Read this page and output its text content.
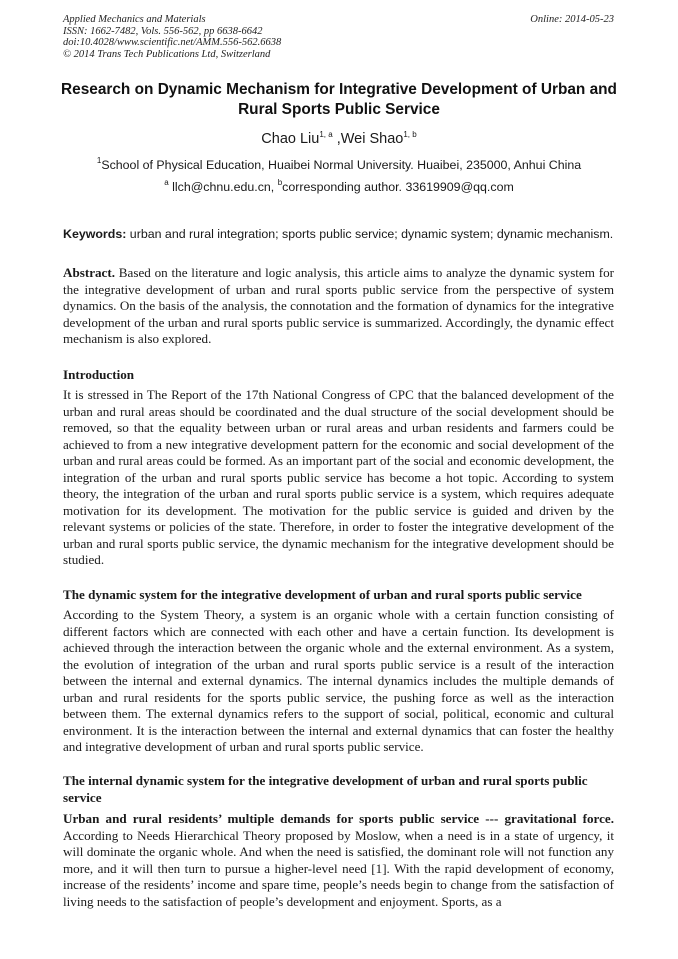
Applied Mechanics and Materials
ISSN: 1662-7482, Vols. 556-562, pp 6638-6642
doi:10.4028/www.scientific.net/AMM.556-562.6638
© 2014 Trans Tech Publications Ltd, Switzerland
Online: 2014-05-23
Research on Dynamic Mechanism for Integrative Development of Urban and Rural Sports Public Service
Chao Liu$^{1, a}$ ,Wei Shao$^{1, b}$
$^1$School of Physical Education, Huaibei Normal University. Huaibei, 235000, Anhui China
$^a$ llch@chnu.edu.cn, $^b$corresponding author. 33619909@qq.com

Keywords: urban and rural integration; sports public service; dynamic system; dynamic mechanism.

Abstract. Based on the literature and logic analysis, this article aims to analyze the dynamic system for the integrative development of urban and rural sports public service from the perspective of system dynamics. On the basis of the analysis, the connotation and the formation of dynamics for the integrative development of the urban and rural sports public service is summarized. Accordingly, the dynamic effect mechanism is also explored.

Introduction

It is stressed in The Report of the 17th National Congress of CPC that the balanced development of the urban and rural areas should be coordinated and the dual structure of the social development should be removed, so that the equality between urban or rural areas and urban residents and farmers could be achieved to from a new integrative development pattern for the economic and social development of the urban and rural areas could be formed. As an important part of the social and economic development, the integration of the urban and rural sports public service has become a hot topic. According to system theory, the integration of the urban and rural sports public service is a system, which requires adequate motivation for its development. The motivation for the public service is guided and driven by the relevant systems or policies of the state. Therefore, in order to foster the integrative development of the urban and rural sports public service, the dynamic mechanism for the integrative development should be studied.

The dynamic system for the integrative development of urban and rural sports public service

According to the System Theory, a system is an organic whole with a certain function consisting of different factors which are connected with each other and have a certain function. Its development is achieved through the interaction between the organic whole and the external environment. As a system, the evolution of integration of the urban and rural sports public service is a result of the interaction between the internal and external dynamics. The internal dynamics includes the multiple demands of urban and rural residents for the sports public service, the pushing force as well as the interaction between them. The external dynamics refers to the support of social, political, economic and cultural environment. It is the interaction between the internal and external dynamics that can foster the healthy and integrative development of urban and rural sports public service.

The internal dynamic system for the integrative development of urban and rural sports public service

Urban and rural residents’ multiple demands for sports public service --- gravitational force. According to Needs Hierarchical Theory proposed by Moslow, when a need is in a state of urgency, it will dominate the organic whole. And when the need is satisfied, the dominant role will not function any more, and it will then turn to pursue a higher-level need [1]. With the rapid development of economy, increase of the residents’ income and spare time, people’s needs begin to change from the satisfaction of living needs to the satisfaction of people’s development and enjoyment. Sports, as a
